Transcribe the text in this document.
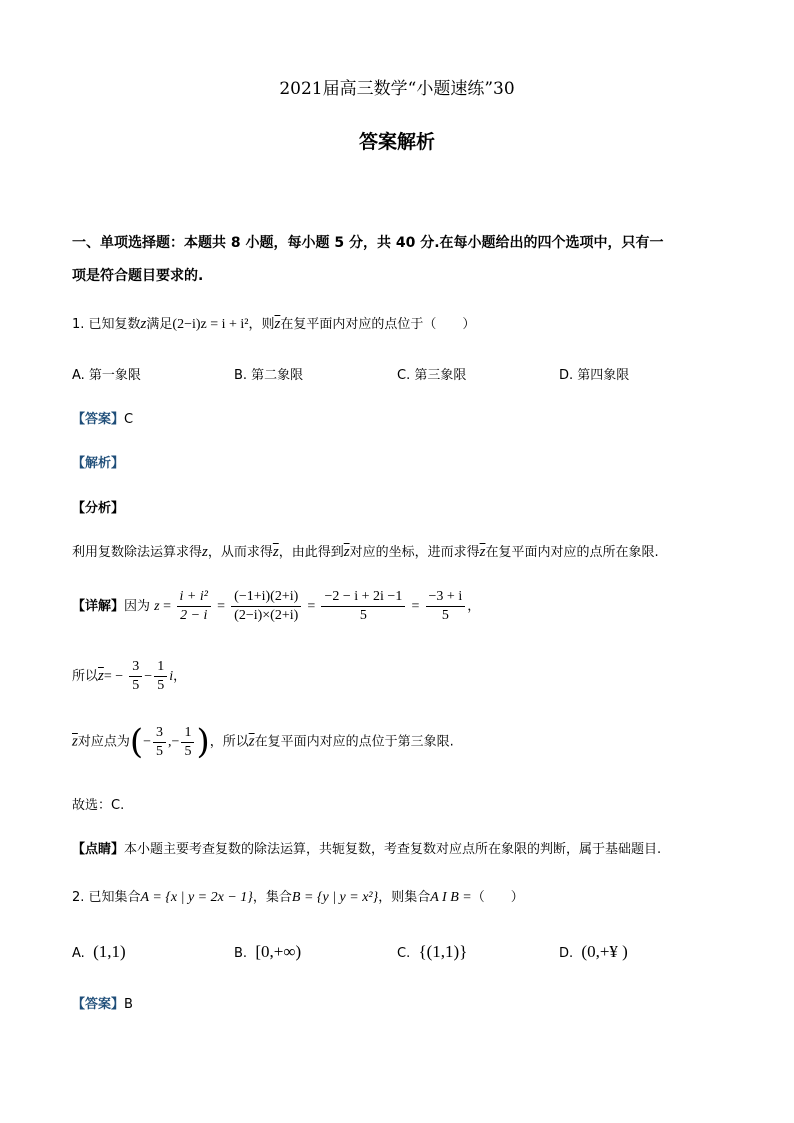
2021届高三数学“小题速练”30
答案解析
一、单项选择题：本题共 8 小题，每小题 5 分，共 40 分.在每小题给出的四个选项中，只有一
项是符合题目要求的.
1. 已知复数z满足(2−i)z = i + i²，则$\overline{z}$在复平面内对应的点位于（　　）
A. 第一象限	B. 第二象限	C. 第三象限	D. 第四象限
【答案】C
【解析】
【分析】
利用复数除法运算求得z，从而求得$\overline{z}$，由此得到$\overline{z}$对应的坐标，进而求得$\overline{z}$在复平面内对应的点所在象限.
【详解】因为 $z = \frac{\text{i + i²}}{2 - i} = \frac{(-1+i)(2+i)}{(2-i)\times(2+i)} = \frac{-2 - i + 2i -1}{5} = \frac{-3 + i}{5}$ ，
所以$\overline{z}= - \frac{3}{5} - \frac{1}{5}$ i，
$\overline{z}$对应点为(− $\frac{3}{5}$ ,− $\frac{1}{5}$ )，所以$\overline{z}$在复平面内对应的点位于第三象限.
故选：C.
【点睛】本小题主要考查复数的除法运算，共轭复数，考查复数对应点所在象限的判断，属于基础题目.
2. 已知集合A = {x | y = 2x − 1}，集合B = {y | y = x²}，则集合A I B =（　　）
A. (1,1)	B. [0,+∞)	C. {(1,1)}	D. (0,+¥ )
【答案】B
